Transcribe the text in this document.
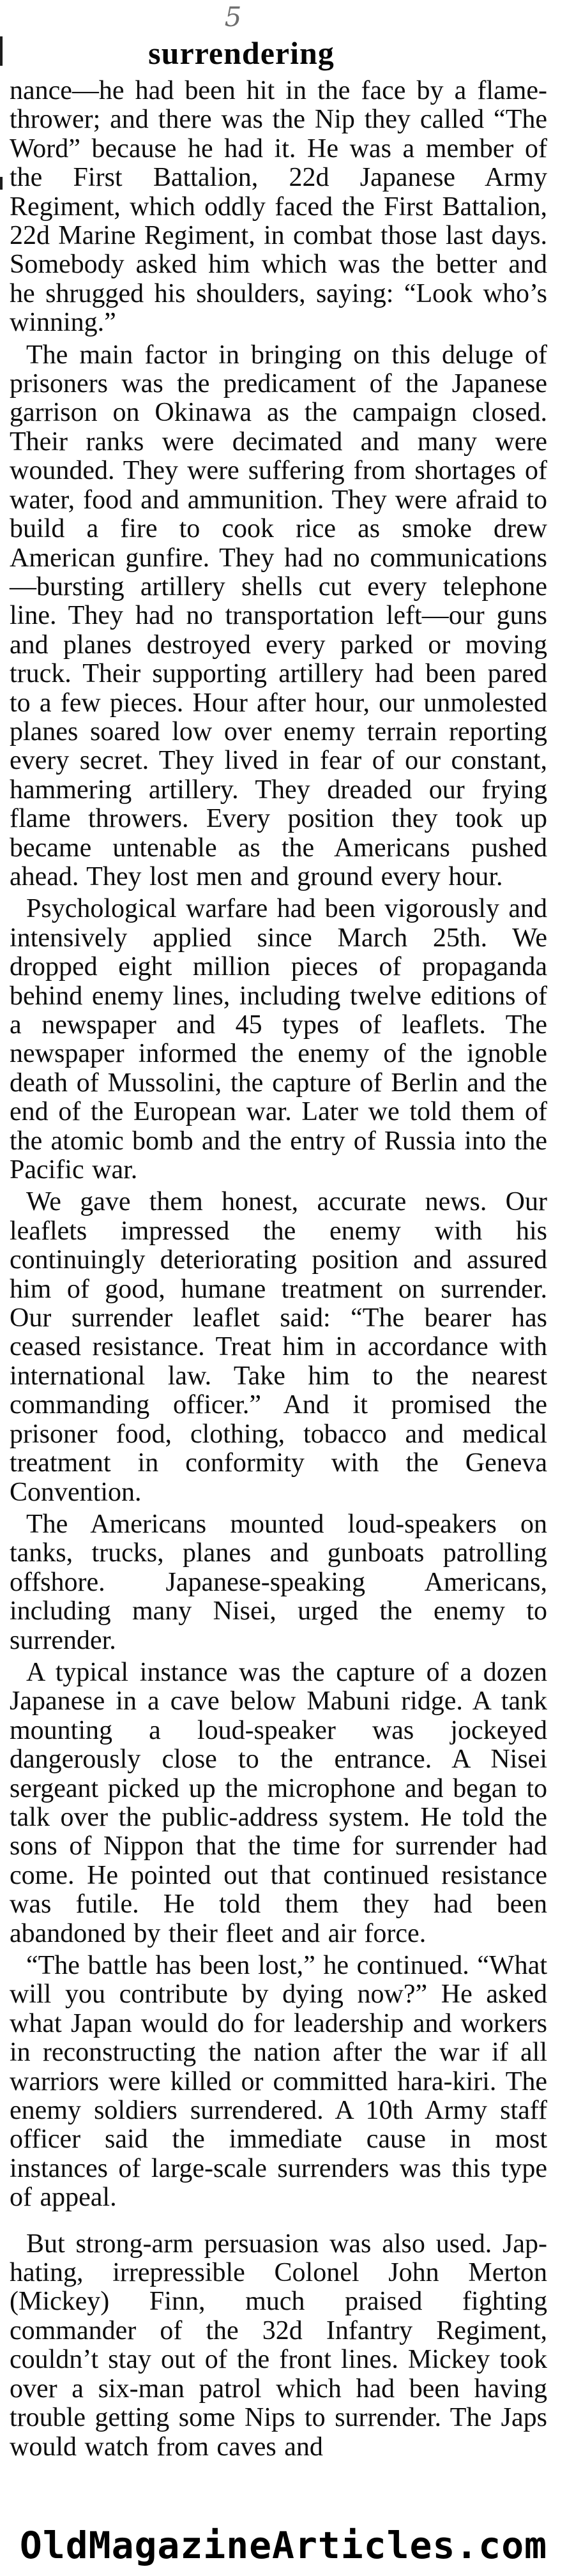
5
surrendering

nance—he had been hit in the face by a flame-thrower; and there was the Nip they called “The Word” because he had it. He was a member of the First Battalion, 22d Japanese Army Regiment, which oddly faced the First Battalion, 22d Marine Regiment, in combat those last days. Somebody asked him which was the better and he shrugged his shoulders, saying: “Look who’s winning.”

The main factor in bringing on this deluge of prisoners was the predicament of the Japanese garrison on Okinawa as the campaign closed. Their ranks were decimated and many were wounded. They were suffering from shortages of water, food and ammunition. They were afraid to build a fire to cook rice as smoke drew American gunfire. They had no communications—bursting artillery shells cut every telephone line. They had no transportation left—our guns and planes destroyed every parked or moving truck. Their supporting artillery had been pared to a few pieces. Hour after hour, our unmolested planes soared low over enemy terrain reporting every secret. They lived in fear of our constant, hammering artillery. They dreaded our frying flame throwers. Every position they took up became untenable as the Americans pushed ahead. They lost men and ground every hour.

Psychological warfare had been vigorously and intensively applied since March 25th. We dropped eight million pieces of propaganda behind enemy lines, including twelve editions of a newspaper and 45 types of leaflets. The newspaper informed the enemy of the ignoble death of Mussolini, the capture of Berlin and the end of the European war. Later we told them of the atomic bomb and the entry of Russia into the Pacific war.

We gave them honest, accurate news. Our leaflets impressed the enemy with his continuingly deteriorating position and assured him of good, humane treatment on surrender. Our surrender leaflet said: “The bearer has ceased resistance. Treat him in accordance with international law. Take him to the nearest commanding officer.” And it promised the prisoner food, clothing, tobacco and medical treatment in conformity with the Geneva Convention.

The Americans mounted loud-speakers on tanks, trucks, planes and gunboats patrolling offshore. Japanese-speaking Americans, including many Nisei, urged the enemy to surrender.

A typical instance was the capture of a dozen Japanese in a cave below Mabuni ridge. A tank mounting a loud-speaker was jockeyed dangerously close to the entrance. A Nisei sergeant picked up the microphone and began to talk over the public-address system. He told the sons of Nippon that the time for surrender had come. He pointed out that continued resistance was futile. He told them they had been abandoned by their fleet and air force.

“The battle has been lost,” he continued. “What will you contribute by dying now?” He asked what Japan would do for leadership and workers in reconstructing the nation after the war if all warriors were killed or committed hara-kiri. The enemy soldiers surrendered. A 10th Army staff officer said the immediate cause in most instances of large-scale surrenders was this type of appeal.

But strong-arm persuasion was also used. Jap-hating, irrepressible Colonel John Merton (Mickey) Finn, much praised fighting commander of the 32d Infantry Regiment, couldn’t stay out of the front lines. Mickey took over a six-man patrol which had been having trouble getting some Nips to surrender. The Japs would watch from caves and

OldMagazineArticles.com
